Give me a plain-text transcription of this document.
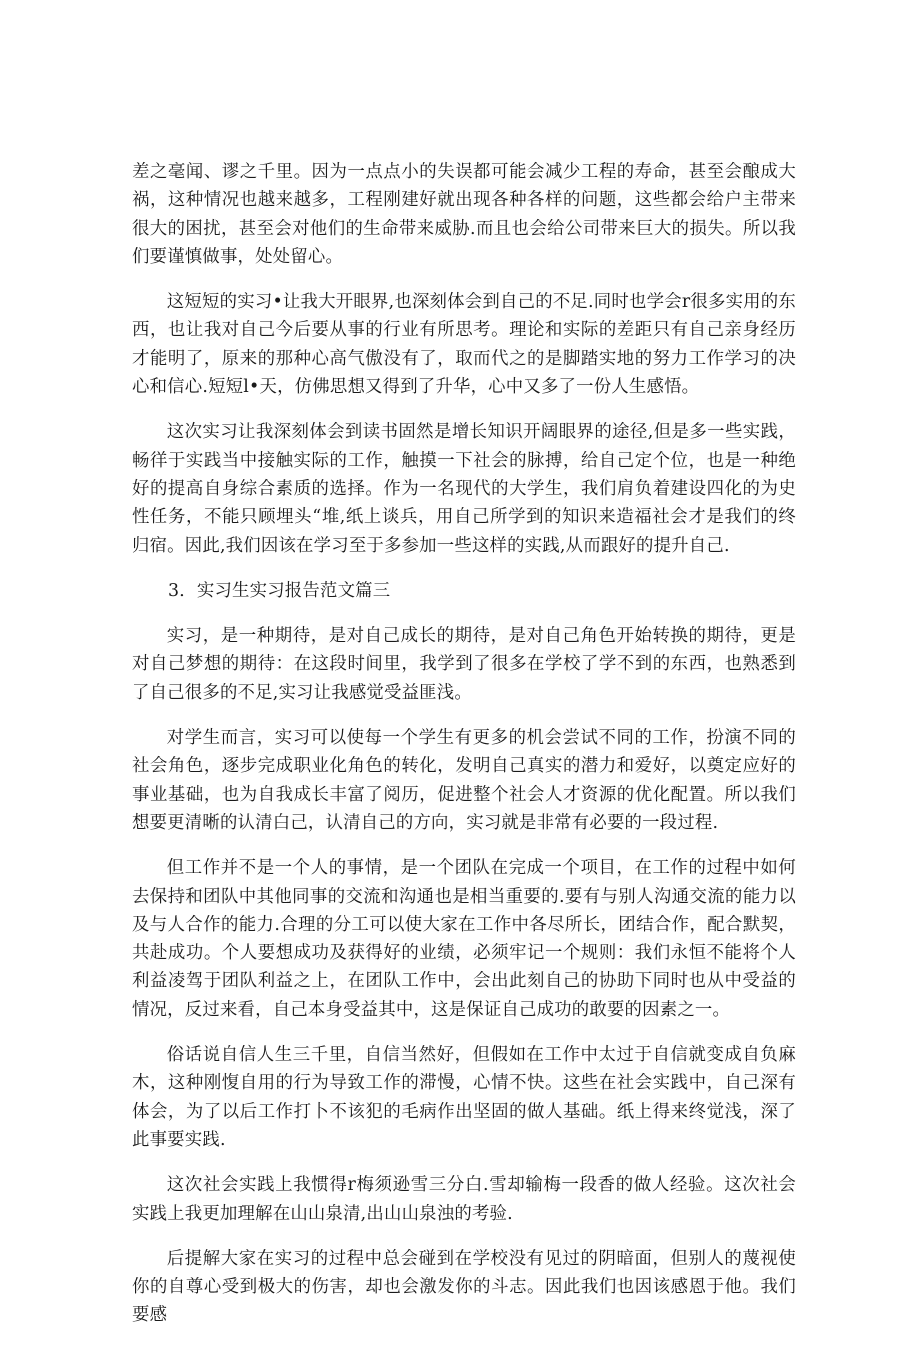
差之毫闻、谬之千里。因为一点点小的失误都可能会减少工程的寿命，甚至会酿成大祸，这种情况也越来越多，工程刚建好就出现各种各样的问题，这些都会给户主带来很大的困扰，甚至会对他们的生命带来威胁.而且也会给公司带来巨大的损失。所以我们要谨慎做事，处处留心。

这短短的实习•让我大开眼界,也深刻体会到自己的不足.同时也学会r很多实用的东西，也让我对自己今后要从事的行业有所思考。理论和实际的差距只有自己亲身经历才能明了，原来的那种心高气傲没有了，取而代之的是脚踏实地的努力工作学习的决心和信心.短短l•天，仿佛思想又得到了升华，心中又多了一份人生感悟。

这次实习让我深刻体会到读书固然是增长知识开阔眼界的途径,但是多一些实践，畅徉于实践当中接触实际的工作，触摸一下社会的脉搏，给自己定个位，也是一种绝好的提高自身综合素质的选择。作为一名现代的大学生，我们肩负着建设四化的为史性任务，不能只顾埋头“堆,纸上谈兵，用自己所学到的知识来造福社会才是我们的终归宿。因此,我们因该在学习至于多参加一些这样的实践,从而跟好的提升自己.

3．实习生实习报告范文篇三

实习，是一种期待，是对自己成长的期待，是对自己角色开始转换的期待，更是对自己梦想的期待：在这段时间里，我学到了很多在学校了学不到的东西，也熟悉到了自己很多的不足,实习让我感觉受益匪浅。

对学生而言，实习可以使每一个学生有更多的机会尝试不同的工作，扮演不同的社会角色，逐步完成职业化角色的转化，发明自己真实的潜力和爱好，以奠定应好的事业基础，也为自我成长丰富了阅历，促进整个社会人才资源的优化配置。所以我们想要更清晰的认清白己，认清自己的方向，实习就是非常有必要的一段过程.

但工作并不是一个人的事情，是一个团队在完成一个项目，在工作的过程中如何去保持和团队中其他同事的交流和沟通也是相当重要的.要有与别人沟通交流的能力以及与人合作的能力.合理的分工可以使大家在工作中各尽所长，团结合作，配合默契，共赴成功。个人要想成功及获得好的业绩，必须牢记一个规则：我们永恒不能将个人利益凌驾于团队利益之上，在团队工作中，会出此刻自己的协助下同时也从中受益的情况，反过来看，自己本身受益其中，这是保证自己成功的敢要的因素之一。

俗话说自信人生三千里，自信当然好，但假如在工作中太过于自信就变成自负麻木，这种刚愎自用的行为导致工作的滞慢，心情不快。这些在社会实践中，自己深有体会，为了以后工作打卜不该犯的毛病作出坚固的做人基础。纸上得来终觉浅，深了此事要实践.

这次社会实践上我惯得r梅须逊雪三分白.雪却输梅一段香的做人经验。这次社会实践上我更加理解在山山泉清,出山山泉浊的考验.

后提解大家在实习的过程中总会碰到在学校没有见过的阴暗面，但别人的蔑视使你的自尊心受到极大的伤害，却也会激发你的斗志。因此我们也因该感恩于他。我们要感
